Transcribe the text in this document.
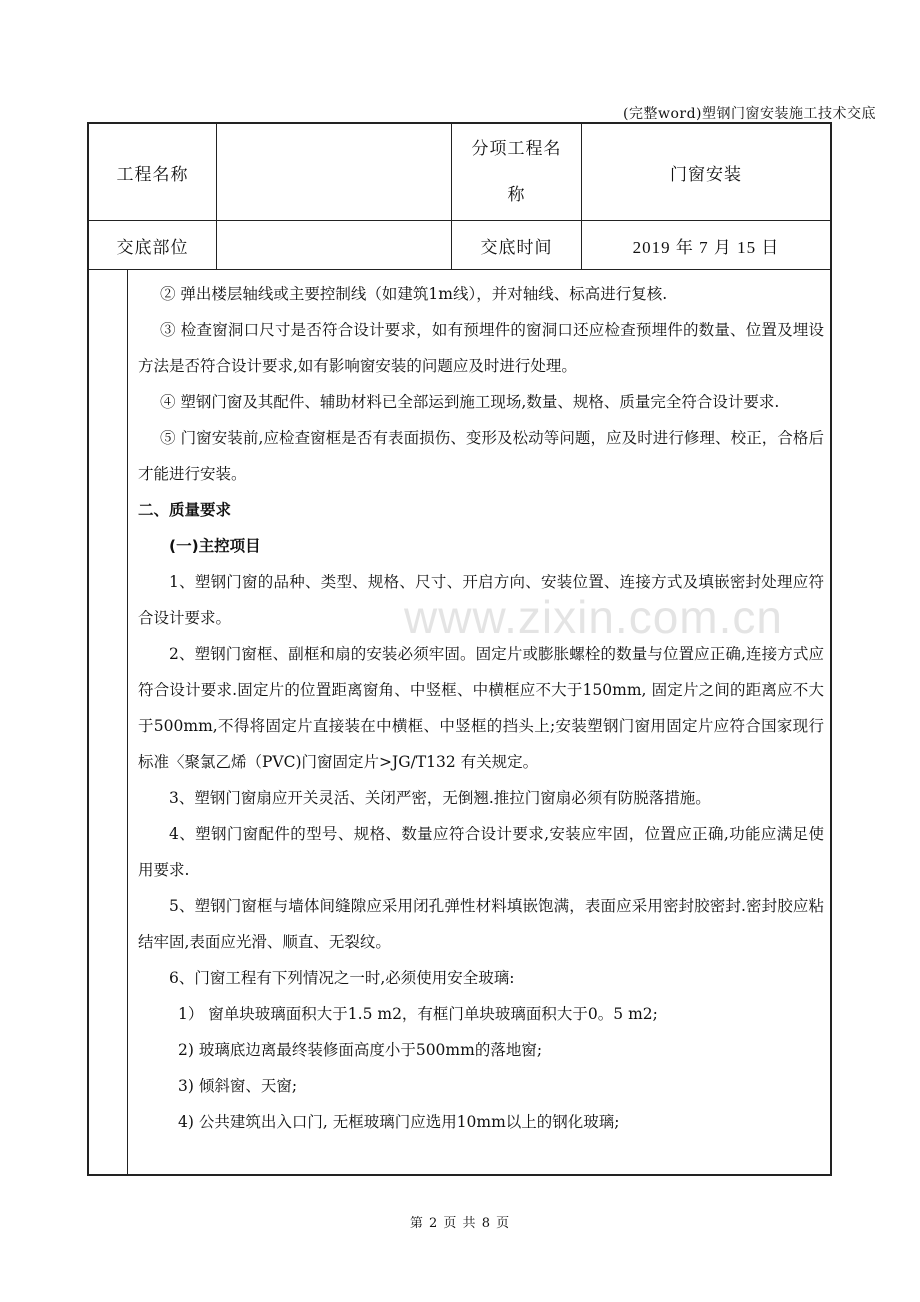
(完整word)塑钢门窗安装施工技术交底
工程名称
分项工程名
称
门窗安装
交底部位	交底时间	2019 年 7 月 15 日

② 弹出楼层轴线或主要控制线（如建筑1m线），并对轴线、标高进行复核.

③ 检查窗洞口尺寸是否符合设计要求，如有预埋件的窗洞口还应检查预埋件的数量、位置及埋设方法是否符合设计要求,如有影响窗安装的问题应及时进行处理。

④ 塑钢门窗及其配件、辅助材料已全部运到施工现场,数量、规格、质量完全符合设计要求.

⑤ 门窗安装前,应检查窗框是否有表面损伤、变形及松动等问题，应及时进行修理、校正，合格后才能进行安装。

二、质量要求

(一)主控项目

1、塑钢门窗的品种、类型、规格、尺寸、开启方向、安装位置、连接方式及填嵌密封处理应符合设计要求。

2、塑钢门窗框、副框和扇的安装必须牢固。固定片或膨胀螺栓的数量与位置应正确,连接方式应符合设计要求.固定片的位置距离窗角、中竖框、中横框应不大于150mm, 固定片之间的距离应不大于500mm,不得将固定片直接装在中横框、中竖框的挡头上;安装塑钢门窗用固定片应符合国家现行标准〈聚氯乙烯（PVC)门窗固定片>JG/T132 有关规定。

3、塑钢门窗扇应开关灵活、关闭严密，无倒翘.推拉门窗扇必须有防脱落措施。

4、塑钢门窗配件的型号、规格、数量应符合设计要求,安装应牢固，位置应正确,功能应满足使用要求.

5、塑钢门窗框与墙体间缝隙应采用闭孔弹性材料填嵌饱满，表面应采用密封胶密封.密封胶应粘结牢固,表面应光滑、顺直、无裂纹。

6、门窗工程有下列情况之一时,必须使用安全玻璃:

1） 窗单块玻璃面积大于1.5 m2，有框门单块玻璃面积大于0。5 m2;

2) 玻璃底边离最终装修面高度小于500mm的落地窗;

3) 倾斜窗、天窗;

4) 公共建筑出入口门, 无框玻璃门应选用10mm以上的钢化玻璃;

www.zixin.com.cn
第 2 页 共 8 页
